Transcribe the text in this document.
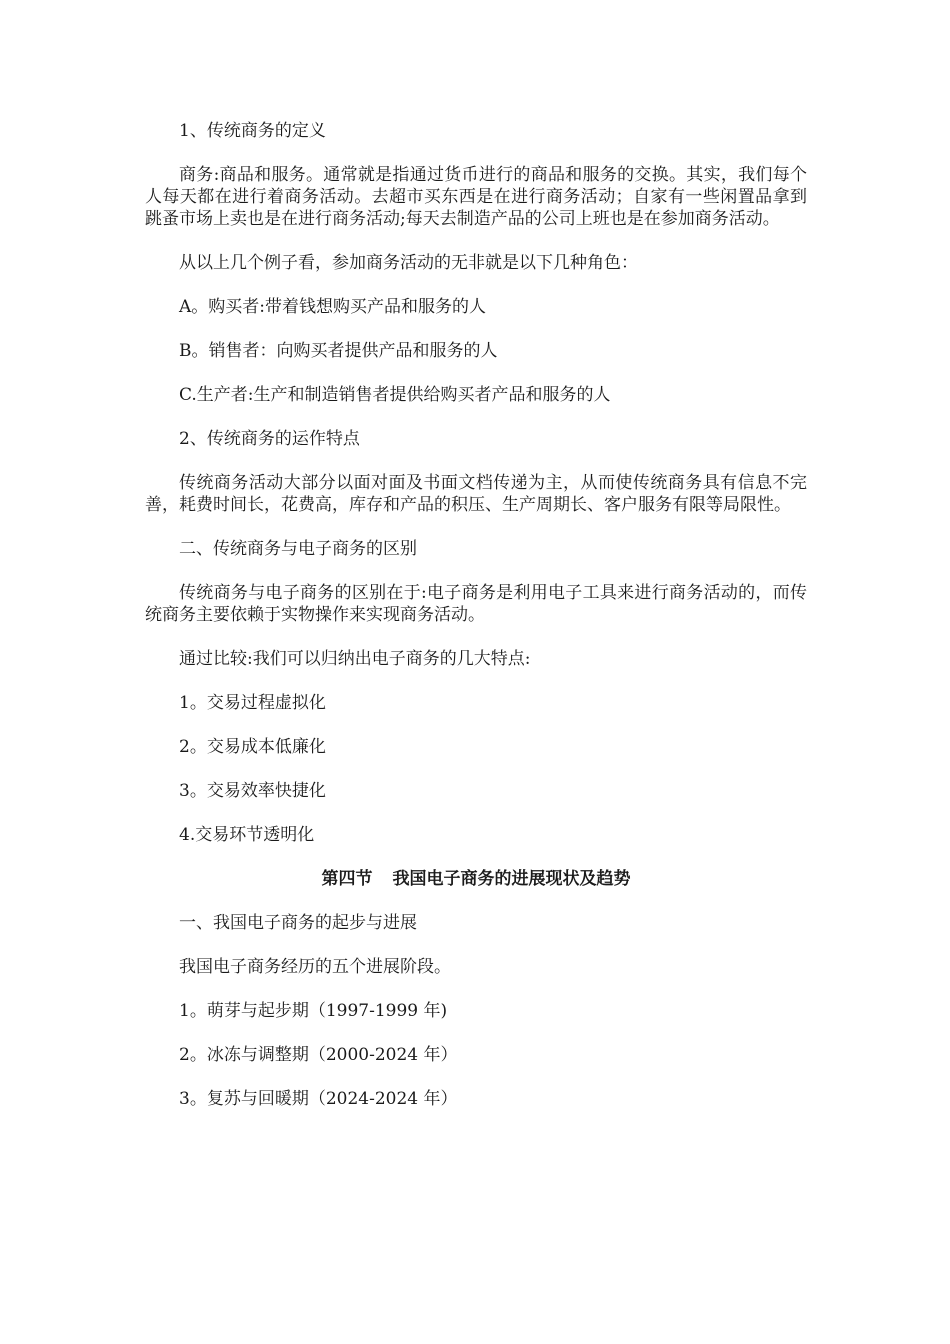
1、传统商务的定义

商务:商品和服务。通常就是指通过货币进行的商品和服务的交换。其实，我们每个人每天都在进行着商务活动。去超市买东西是在进行商务活动；自家有一些闲置品拿到跳蚤市场上卖也是在进行商务活动;每天去制造产品的公司上班也是在参加商务活动。

从以上几个例子看，参加商务活动的无非就是以下几种角色：

A。购买者:带着钱想购买产品和服务的人

B。销售者：向购买者提供产品和服务的人

C.生产者:生产和制造销售者提供给购买者产品和服务的人

2、传统商务的运作特点

传统商务活动大部分以面对面及书面文档传递为主，从而使传统商务具有信息不完善，耗费时间长，花费高，库存和产品的积压、生产周期长、客户服务有限等局限性。

二、传统商务与电子商务的区别

传统商务与电子商务的区别在于:电子商务是利用电子工具来进行商务活动的，而传统商务主要依赖于实物操作来实现商务活动。

通过比较:我们可以归纳出电子商务的几大特点:

1。交易过程虚拟化

2。交易成本低廉化

3。交易效率快捷化

4.交易环节透明化

第四节 我国电子商务的进展现状及趋势

一、我国电子商务的起步与进展

我国电子商务经历的五个进展阶段。

1。萌芽与起步期（1997-1999 年)

2。冰冻与调整期（2000-2024 年）

3。复苏与回暖期（2024-2024 年）
